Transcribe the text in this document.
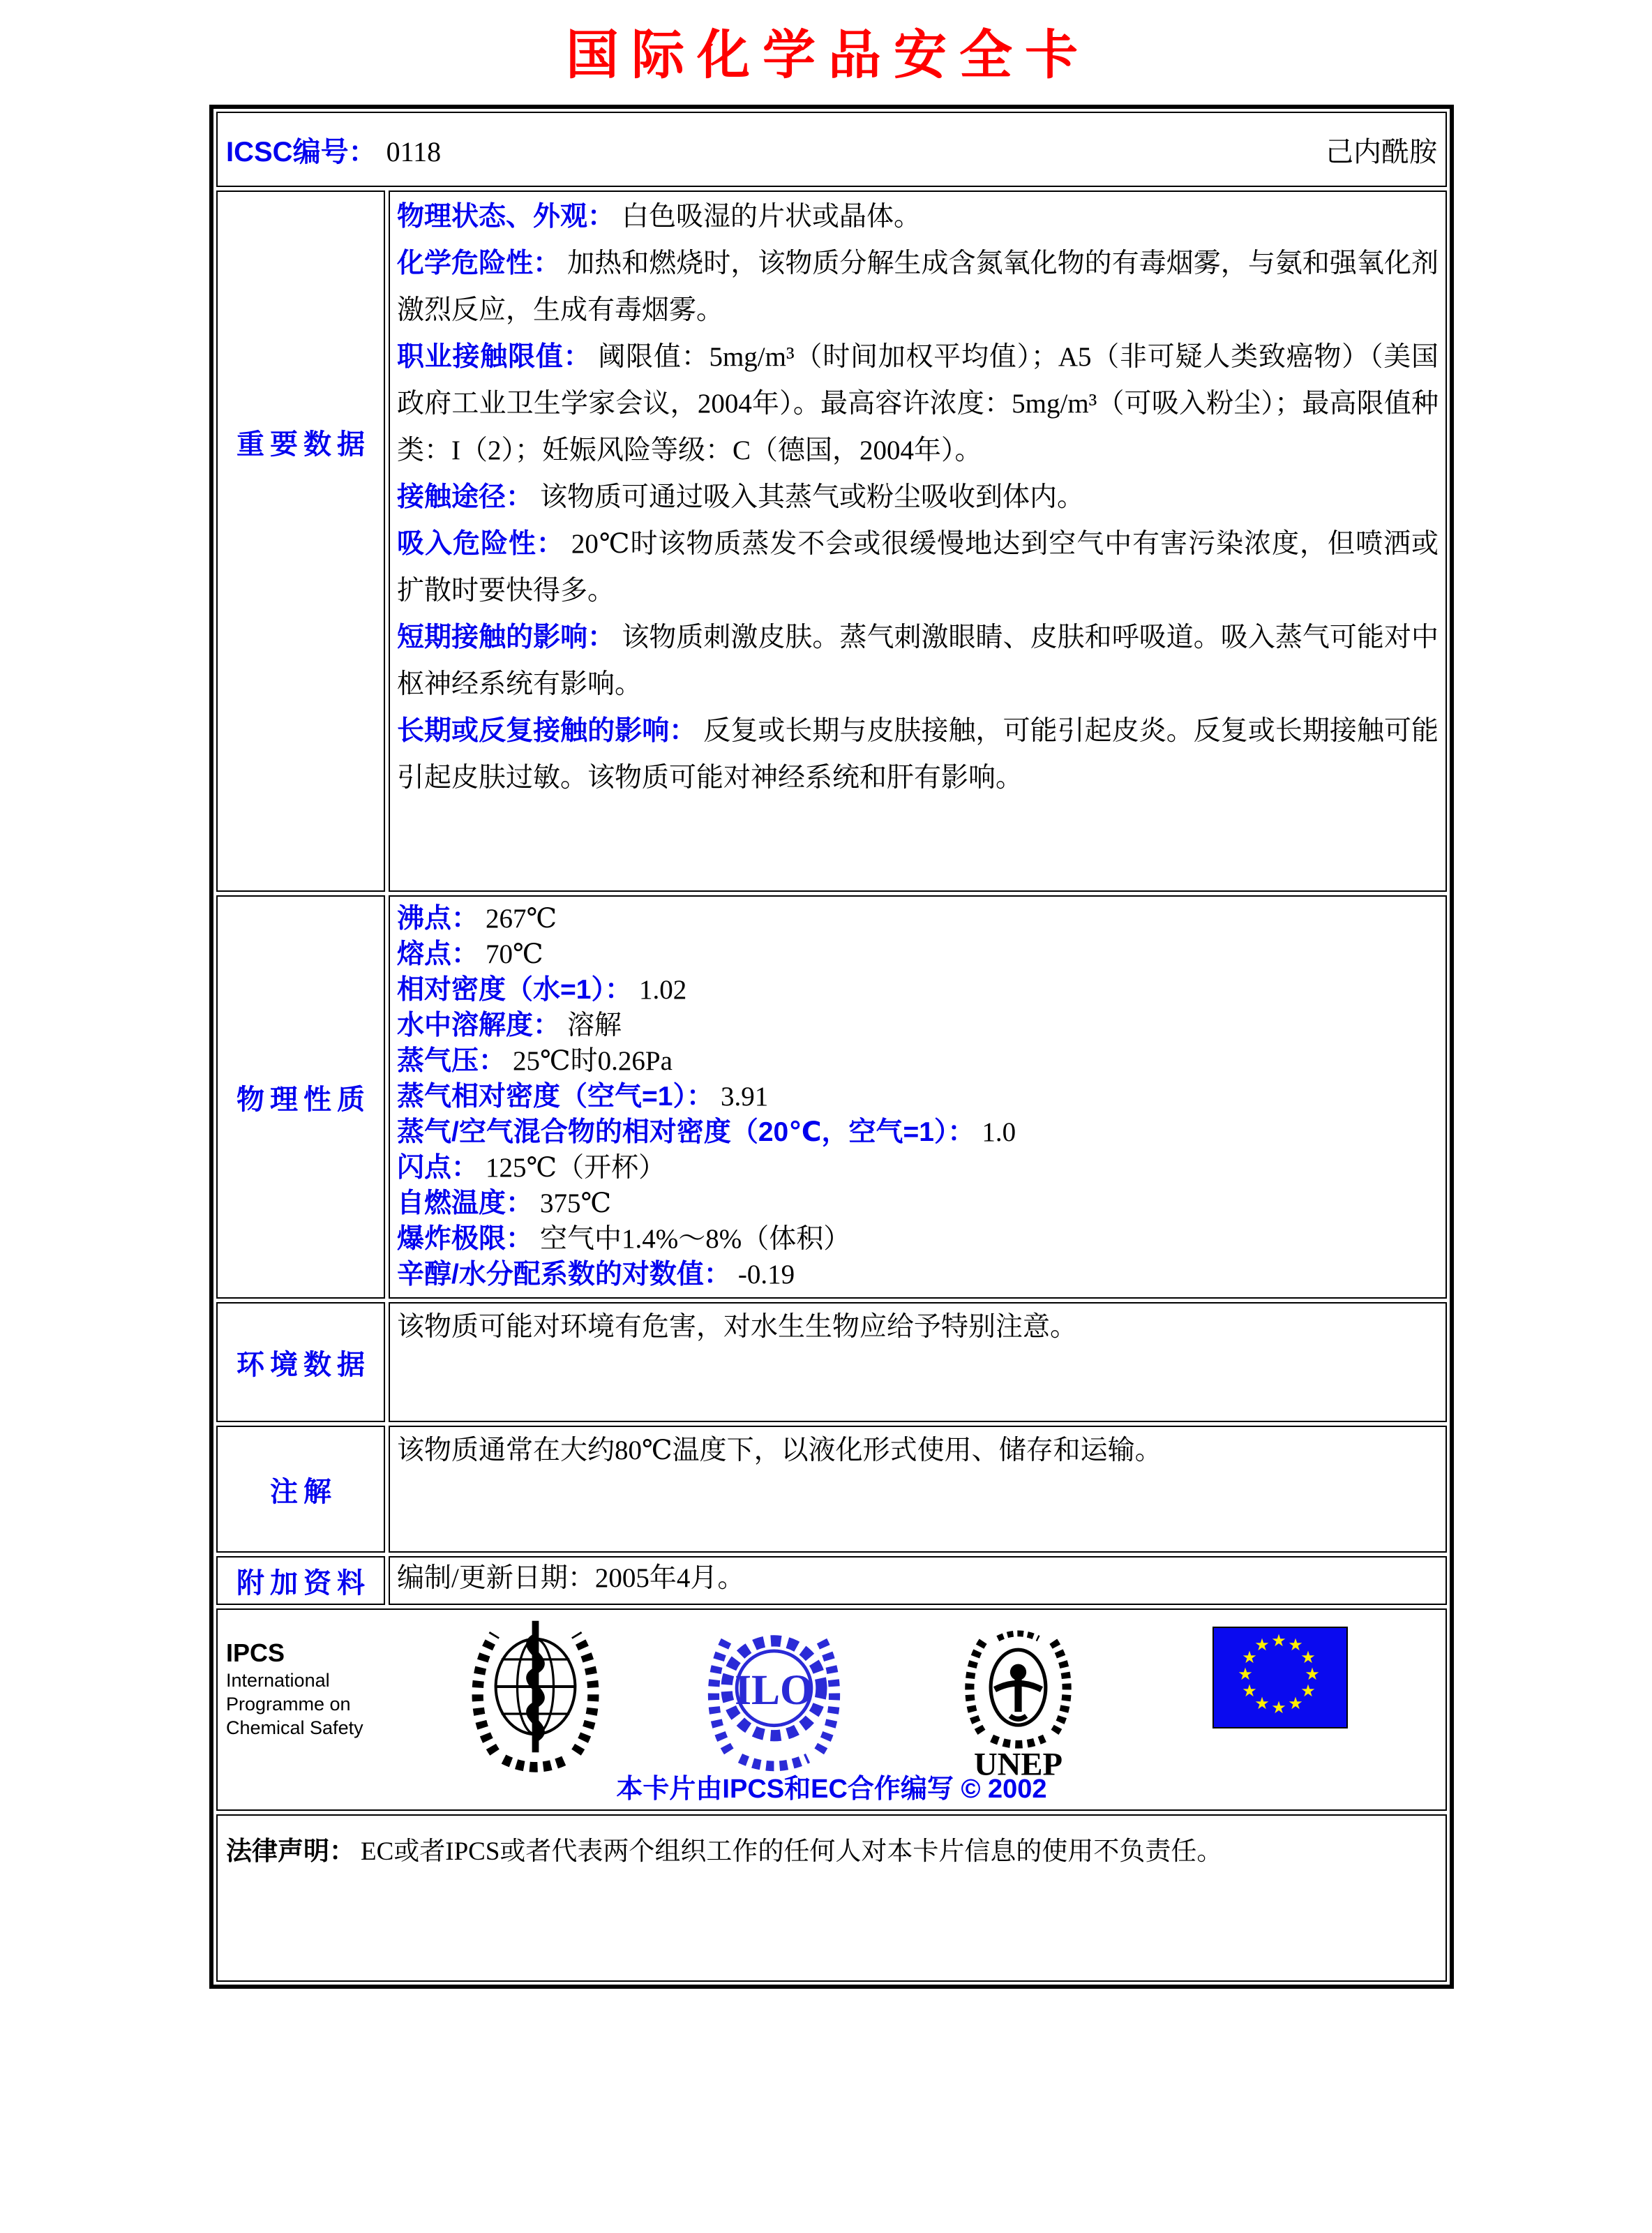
国际化学品安全卡
ICSC编号： 0118	己内酰胺
重要数据

物理状态、外观： 白色吸湿的片状或晶体。

化学危险性： 加热和燃烧时，该物质分解生成含氮氧化物的有毒烟雾，与氨和强氧化剂激烈反应，生成有毒烟雾。

职业接触限值： 阈限值：5mg/m³（时间加权平均值）；A5（非可疑人类致癌物）（美国政府工业卫生学家会议，2004年）。最高容许浓度：5mg/m³（可吸入粉尘）；最高限值种类：I（2）；妊娠风险等级：C（德国，2004年）。

接触途径： 该物质可通过吸入其蒸气或粉尘吸收到体内。

吸入危险性： 20℃时该物质蒸发不会或很缓慢地达到空气中有害污染浓度，但喷洒或扩散时要快得多。

短期接触的影响： 该物质刺激皮肤。蒸气刺激眼睛、皮肤和呼吸道。吸入蒸气可能对中枢神经系统有影响。

长期或反复接触的影响： 反复或长期与皮肤接触，可能引起皮炎。反复或长期接触可能引起皮肤过敏。该物质可能对神经系统和肝有影响。

物理性质

沸点： 267℃

熔点： 70℃

相对密度（水=1）： 1.02

水中溶解度： 溶解

蒸气压： 25℃时0.26Pa

蒸气相对密度（空气=1）： 3.91

蒸气/空气混合物的相对密度（20℃，空气=1）： 1.0

闪点： 125℃（开杯）

自燃温度： 375℃

爆炸极限： 空气中1.4%～8%（体积）

辛醇/水分配系数的对数值： -0.19

环境数据

该物质可能对环境有危害，对水生生物应给予特别注意。

注解

该物质通常在大约80℃温度下，以液化形式使用、储存和运输。

附加资料 编制/更新日期：2005年4月。

IPCS
International
Programme on
Chemical Safety
ILO
UNEP
★ ★
★
★
★
★
★
★
★
★
★
★
本卡片由IPCS和EC合作编写 © 2002
法律声明： EC或者IPCS或者代表两个组织工作的任何人对本卡片信息的使用不负责任。
